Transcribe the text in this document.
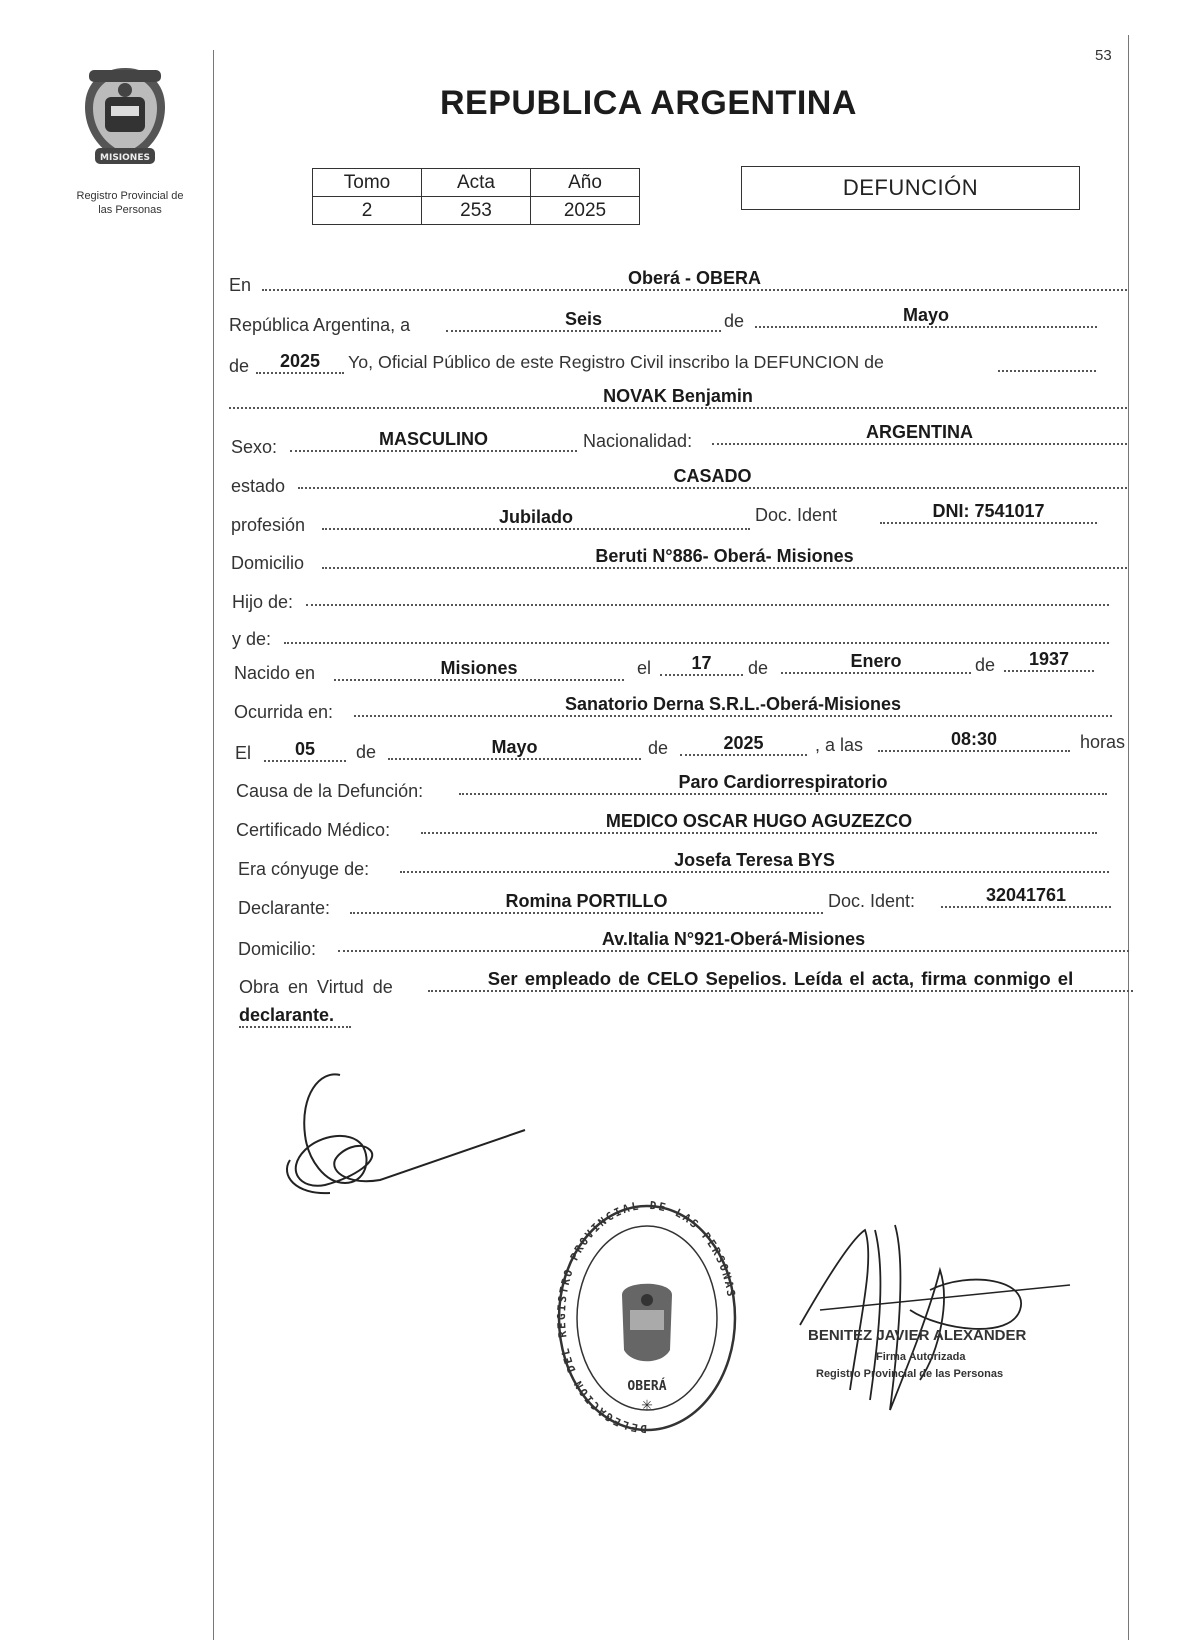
53
MISIONES
Registro Provincial de
las Personas
REPUBLICA ARGENTINA
Tomo	Acta	Año
2	253	2025
DEFUNCIÓN
En	Oberá - OBERA
República Argentina, a	Seis	de	Mayo
de	2025	Yo, Oficial Público de este Registro Civil inscribo la DEFUNCION de
NOVAK Benjamin
Sexo:	MASCULINO	Nacionalidad:	ARGENTINA
estado	CASADO
profesión	Jubilado	Doc. Ident	DNI: 7541017
Domicilio	Beruti N°886- Oberá- Misiones
Hijo de:
y de:
Nacido en	Misiones	el	17	de	Enero	de	1937
Ocurrida en:	Sanatorio Derna S.R.L.-Oberá-Misiones
El	05	de	Mayo	de	2025	, a las	08:30	horas
Causa de la Defunción:	Paro Cardiorrespiratorio
Certificado Médico:	MEDICO OSCAR HUGO AGUZEZCO
Era cónyuge de:	Josefa Teresa BYS
Declarante:	Romina PORTILLO	Doc. Ident:	32041761
Domicilio:	Av.Italia N°921-Oberá-Misiones
Obra en Virtud de	Ser empleado de CELO Sepelios. Leída el acta, firma conmigo el
declarante.
DELEGACION DEL REGISTRO PROVINCIAL DE LAS PERSONAS
OBERÁ
✳
BENITEZ JAVIER ALEXANDER
Firma Autorizada
Registro Provincial de las Personas
